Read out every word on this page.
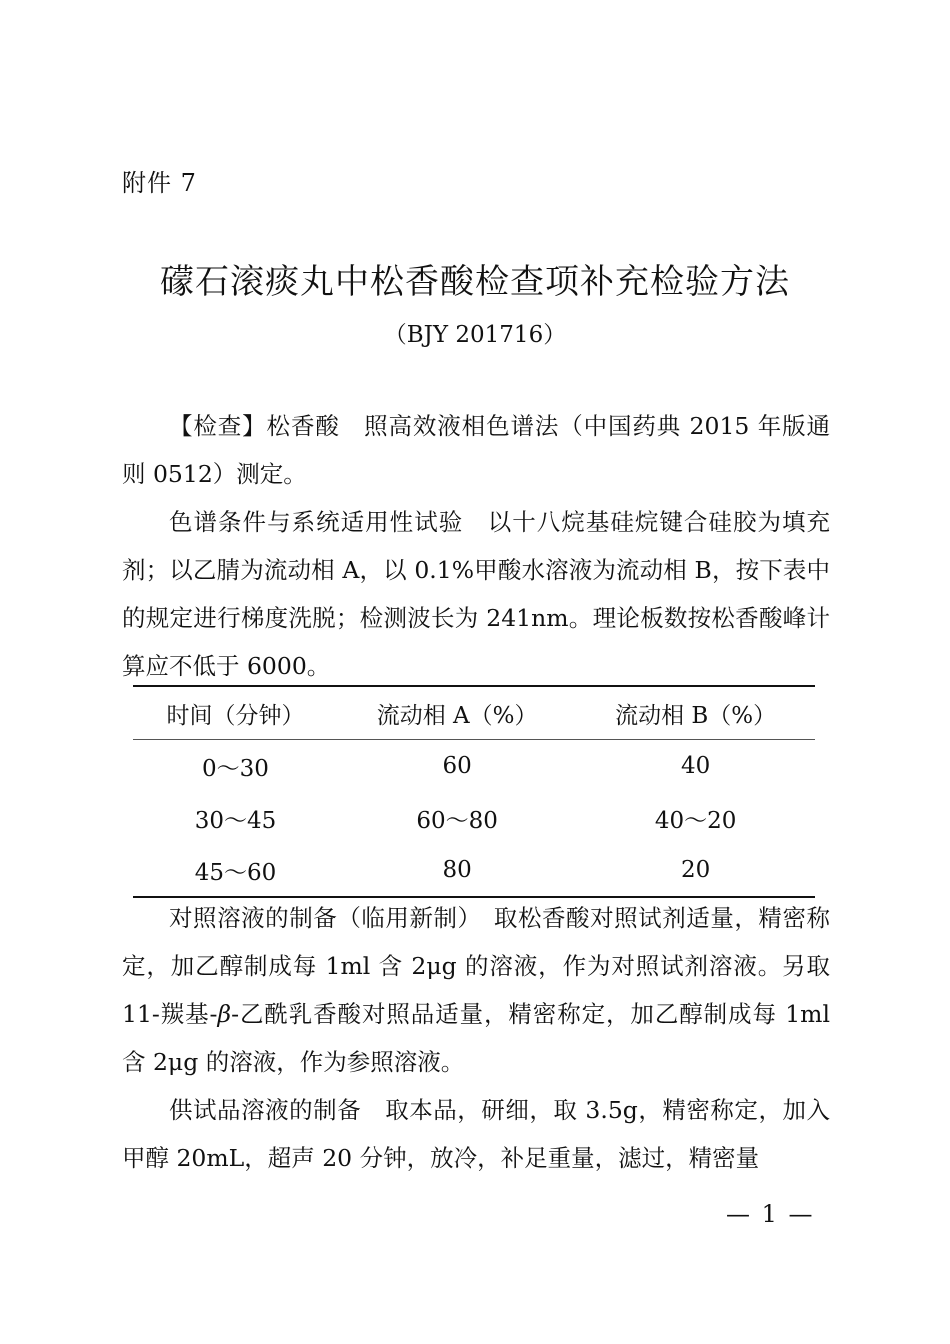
附件 7
礞石滚痰丸中松香酸检查项补充检验方法
（BJY 201716）

【检查】松香酸　照高效液相色谱法（中国药典 2015 年版通则 0512）测定。

色谱条件与系统适用性试验　以十八烷基硅烷键合硅胶为填充剂；以乙腈为流动相 A，以 0.1%甲酸水溶液为流动相 B，按下表中的规定进行梯度洗脱；检测波长为 241nm。理论板数按松香酸峰计算应不低于 6000。

时间（分钟）	流动相 A（%）	流动相 B（%）
0～30	60	40
30～45	60～80	40～20
45～60	80	20

对照溶液的制备（临用新制）　取松香酸对照试剂适量，精密称定，加乙醇制成每 1ml 含 2μg 的溶液，作为对照试剂溶液。另取 11-羰基-β-乙酰乳香酸对照品适量，精密称定，加乙醇制成每 1ml 含 2μg 的溶液，作为参照溶液。

供试品溶液的制备　取本品，研细，取 3.5g，精密称定，加入甲醇 20mL，超声 20 分钟，放冷，补足重量，滤过，精密量

— 1 —
